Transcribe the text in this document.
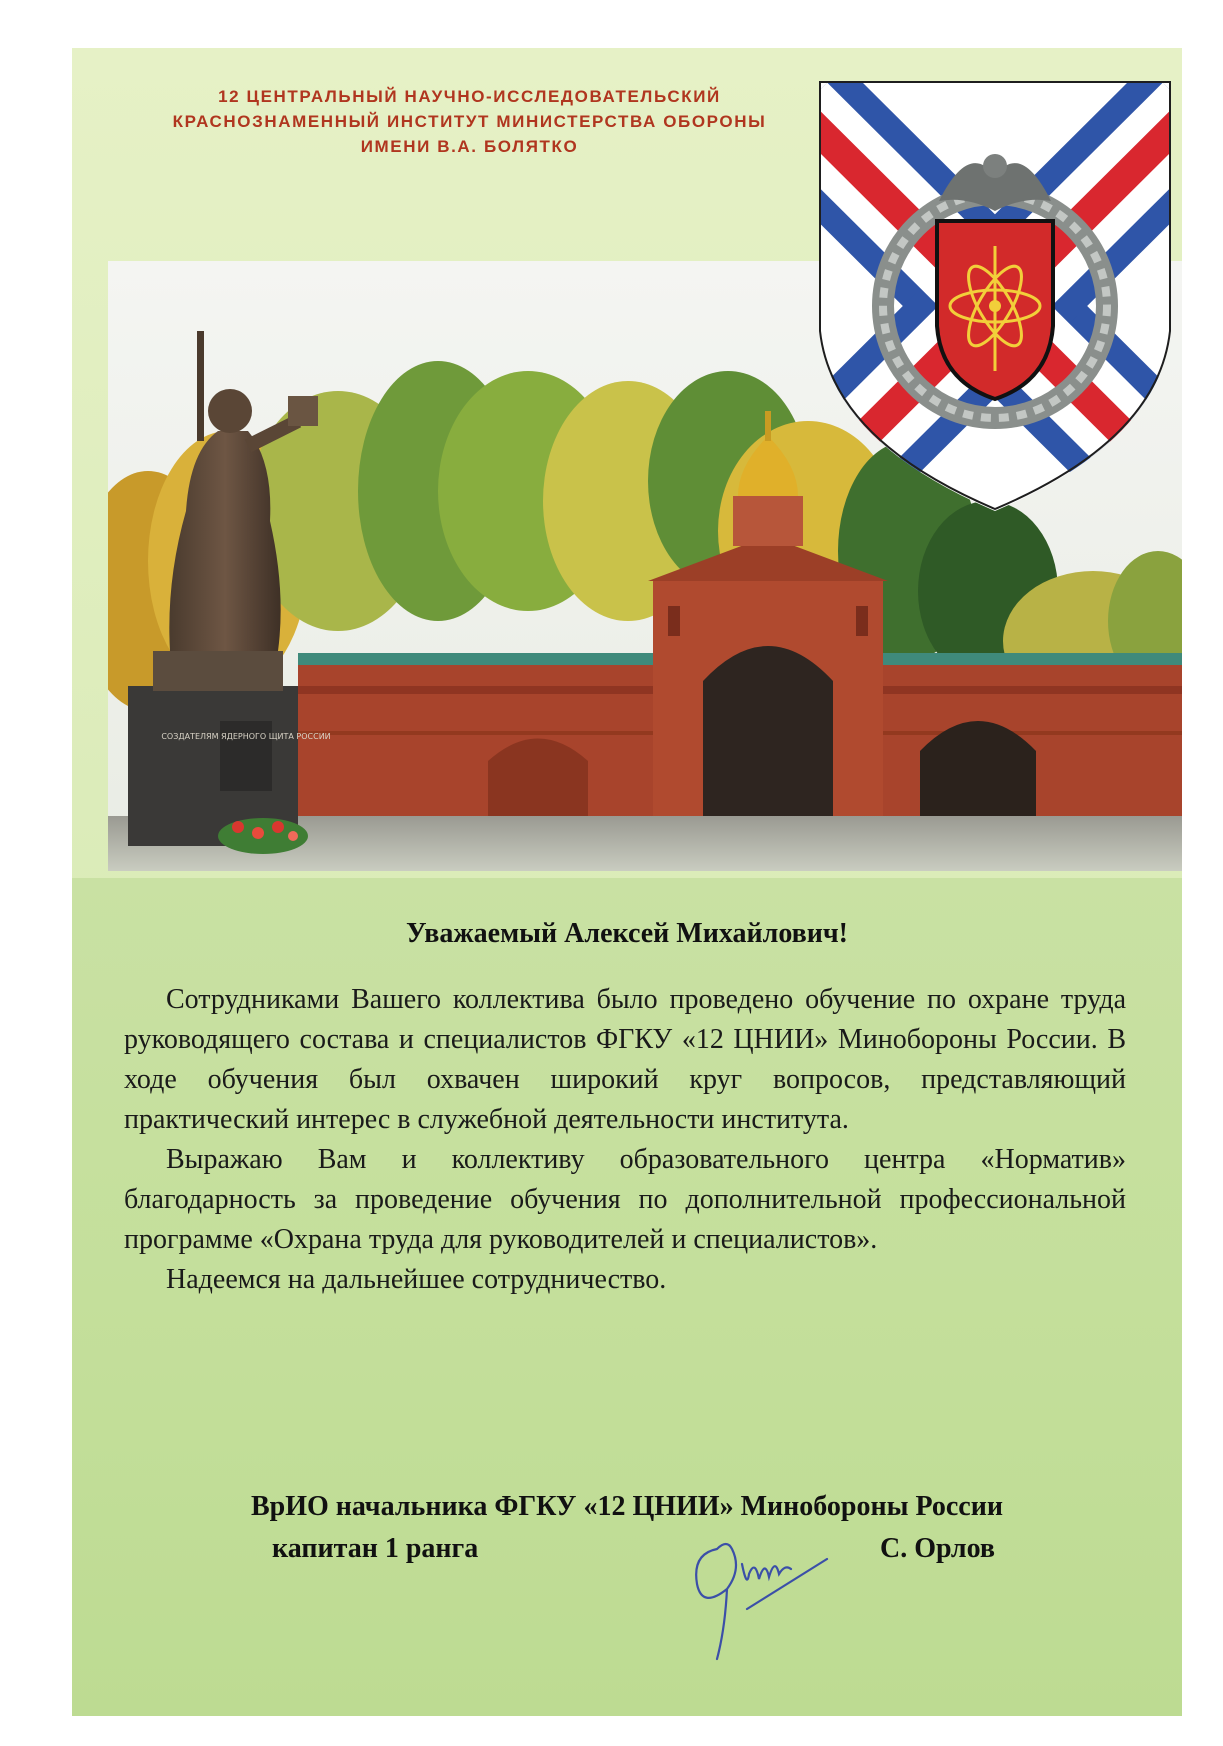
12 ЦЕНТРАЛЬНЫЙ НАУЧНО-ИССЛЕДОВАТЕЛЬСКИЙ
КРАСНОЗНАМЕННЫЙ ИНСТИТУТ МИНИСТЕРСТВА ОБОРОНЫ
ИМЕНИ В.А. БОЛЯТКО
СОЗДАТЕЛЯМ ЯДЕРНОГО ЩИТА РОССИИ
Уважаемый Алексей Михайлович!

Сотрудниками Вашего коллектива было проведено обучение по охране труда руководящего состава и специалистов ФГКУ «12 ЦНИИ» Минобороны России. В ходе обучения был охвачен широкий круг вопросов, представляющий практический интерес в служебной деятельности института.

Выражаю Вам и коллективу образовательного центра «Норматив» благодарность за проведение обучения по дополнительной профессиональной программе «Охрана труда для руководителей и специалистов».

Надеемся на дальнейшее сотрудничество.

ВрИО начальника ФГКУ «12 ЦНИИ» Минобороны России
капитан 1 ранга	С. Орлов
